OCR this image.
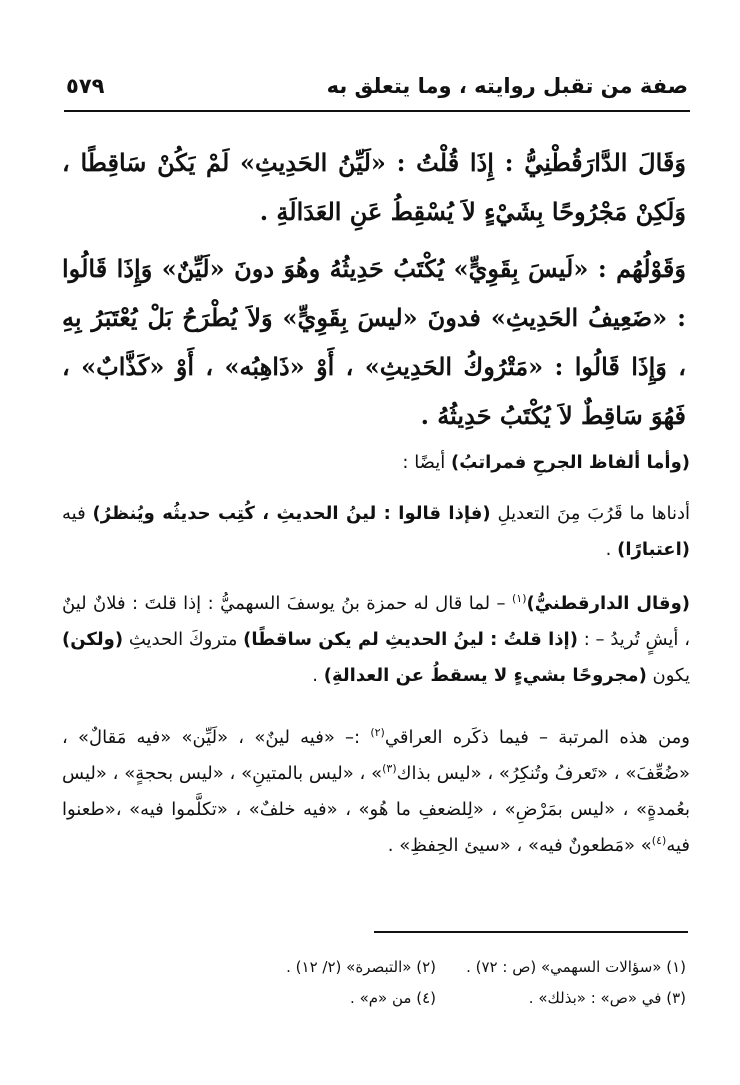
صفة من تقبل روايته ، وما يتعلق به
٥٧٩

وَقَالَ الدَّارَقُطْنِيُّ : إِذَا قُلْتُ : «لَيِّنُ الحَدِيثِ» لَمْ يَكُنْ سَاقِطًا ، وَلَكِنْ مَجْرُوحًا بِشَيْءٍ لاَ يُسْقِطُ عَنِ العَدَالَةِ .

وَقَوْلُهُم : «لَيسَ بِقَوِيٍّ» يُكْتَبُ حَدِيثُهُ وهُوَ دونَ «لَيِّنٌ» وَإِذَا قَالُوا : «ضَعِيفُ الحَدِيثِ» فدونَ «ليسَ بِقَوِيٍّ» وَلاَ يُطْرَحُ بَلْ يُعْتَبَرُ بِهِ ، وَإِذَا قَالُوا : «مَتْرُوكُ الحَدِيثِ» ، أَوْ «ذَاهِبُه» ، أَوْ «كَذَّابٌ» ، فَهُوَ سَاقِطٌ لاَ يُكْتَبُ حَدِيثُهُ .

(وأما ألفاظ الجرحِ فمراتبُ) أيضًا :

أدناها ما قَرُبَ مِنَ التعديلِ (فإذا قالوا : لينُ الحديثِ ، كُتِب حديثُه ويُنظرُ) فيه (اعتبارًا) .

(وقال الدارقطنيُّ)$^{(١)}$ – لما قال له حمزة بنُ يوسفَ السهميُّ : إذا قلتَ : فلانٌ لينٌ ، أيشٍ تُريدُ – : (إذا قلتُ : لينُ الحديثِ لم يكن ساقطًا) متروكَ الحديثِ (ولكن) يكون (مجروحًا بشيءٍ لا يسقطُ عن العدالةِ) .

ومن هذه المرتبة – فيما ذكَره العراقي$^{(٢)}$ :– «فيه لينٌ» ، «لَيِّن» «فيه مَقالٌ» ، «ضُعِّفَ» ، «تَعرفُ وتُنكِرُ» ، «ليس بذاك$^{(٣)}$» ، «ليس بالمتينِ» ، «ليس بحجةٍ» ، «ليس بعُمدةٍ» ، «ليس بمَرْضِ» ، «لِلضعفِ ما هُو» ، «فيه خلفٌ» ، «تكلَّموا فيه» ،«طعنوا فيه$^{(٤)}$» «مَطعونٌ فيه» ، «سيئ الحِفظِ» .

(١) «سؤالات السهمي» (ص : ٧٢) .
(٢) «التبصرة» (٢/ ١٢) .
(٣) في «ص» : «بذلك» .
(٤) من «م» .
